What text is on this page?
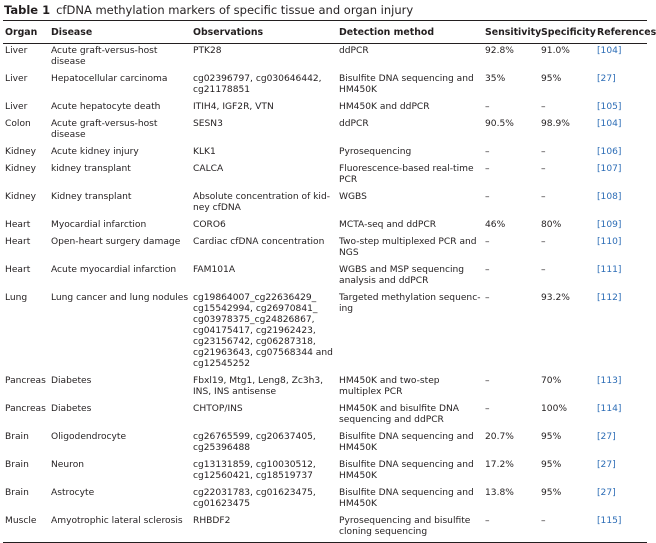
Table 1 cfDNA methylation markers of specific tissue and organ injury
Organ	Disease	Observations	Detection method	Sensitivity	Specificity	References
Liver	Acute graft-versus-host disease	PTK28	ddPCR	92.8%	91.0%	[104]
Liver	Hepatocellular carcinoma	cg02396797, cg030646442, cg21178851	Bisulfite DNA sequencing and HM450K	35%	95%	[27]
Liver	Acute hepatocyte death	ITIH4, IGF2R, VTN	HM450K and ddPCR	–	–	[105]
Colon	Acute graft-versus-host disease	SESN3	ddPCR	90.5%	98.9%	[104]
Kidney	Acute kidney injury	KLK1	Pyrosequencing	–	–	[106]
Kidney	kidney transplant	CALCA	Fluorescence-based real-time PCR	–	–	[107]
Kidney	Kidney transplant	Absolute concentration of kid-ney cfDNA	WGBS	–	–	[108]
Heart	Myocardial infarction	CORO6	MCTA-seq and ddPCR	46%	80%	[109]
Heart	Open-heart surgery damage	Cardiac cfDNA concentration	Two-step multiplexed PCR and NGS	–	–	[110]
Heart	Acute myocardial infarction	FAM101A	WGBS and MSP sequencing analysis and ddPCR	–	–	[111]
Lung	Lung cancer and lung nodules	cg19864007_cg22636429_ cg15542994, cg26970841_ cg03978375_cg24826867, cg04175417, cg21962423, cg23156742, cg06287318, cg21963643, cg07568344 and cg12545252	Targeted methylation sequenc-ing	–	93.2%	[112]
Pancreas	Diabetes	Fbxl19, Mtg1, Leng8, Zc3h3, INS, INS antisense	HM450K and two-step multiplex PCR	–	70%	[113]
Pancreas	Diabetes	CHTOP/INS	HM450K and bisulfite DNA sequencing and ddPCR	–	100%	[114]
Brain	Oligodendrocyte	cg26765599, cg20637405, cg25396488	Bisulfite DNA sequencing and HM450K	20.7%	95%	[27]
Brain	Neuron	cg13131859, cg10030512, cg12560421, cg18519737	Bisulfite DNA sequencing and HM450K	17.2%	95%	[27]
Brain	Astrocyte	cg22031783, cg01623475, cg01623475	Bisulfite DNA sequencing and HM450K	13.8%	95%	[27]
Muscle	Amyotrophic lateral sclerosis	RHBDF2	Pyrosequencing and bisulfite cloning sequencing	–	–	[115]
